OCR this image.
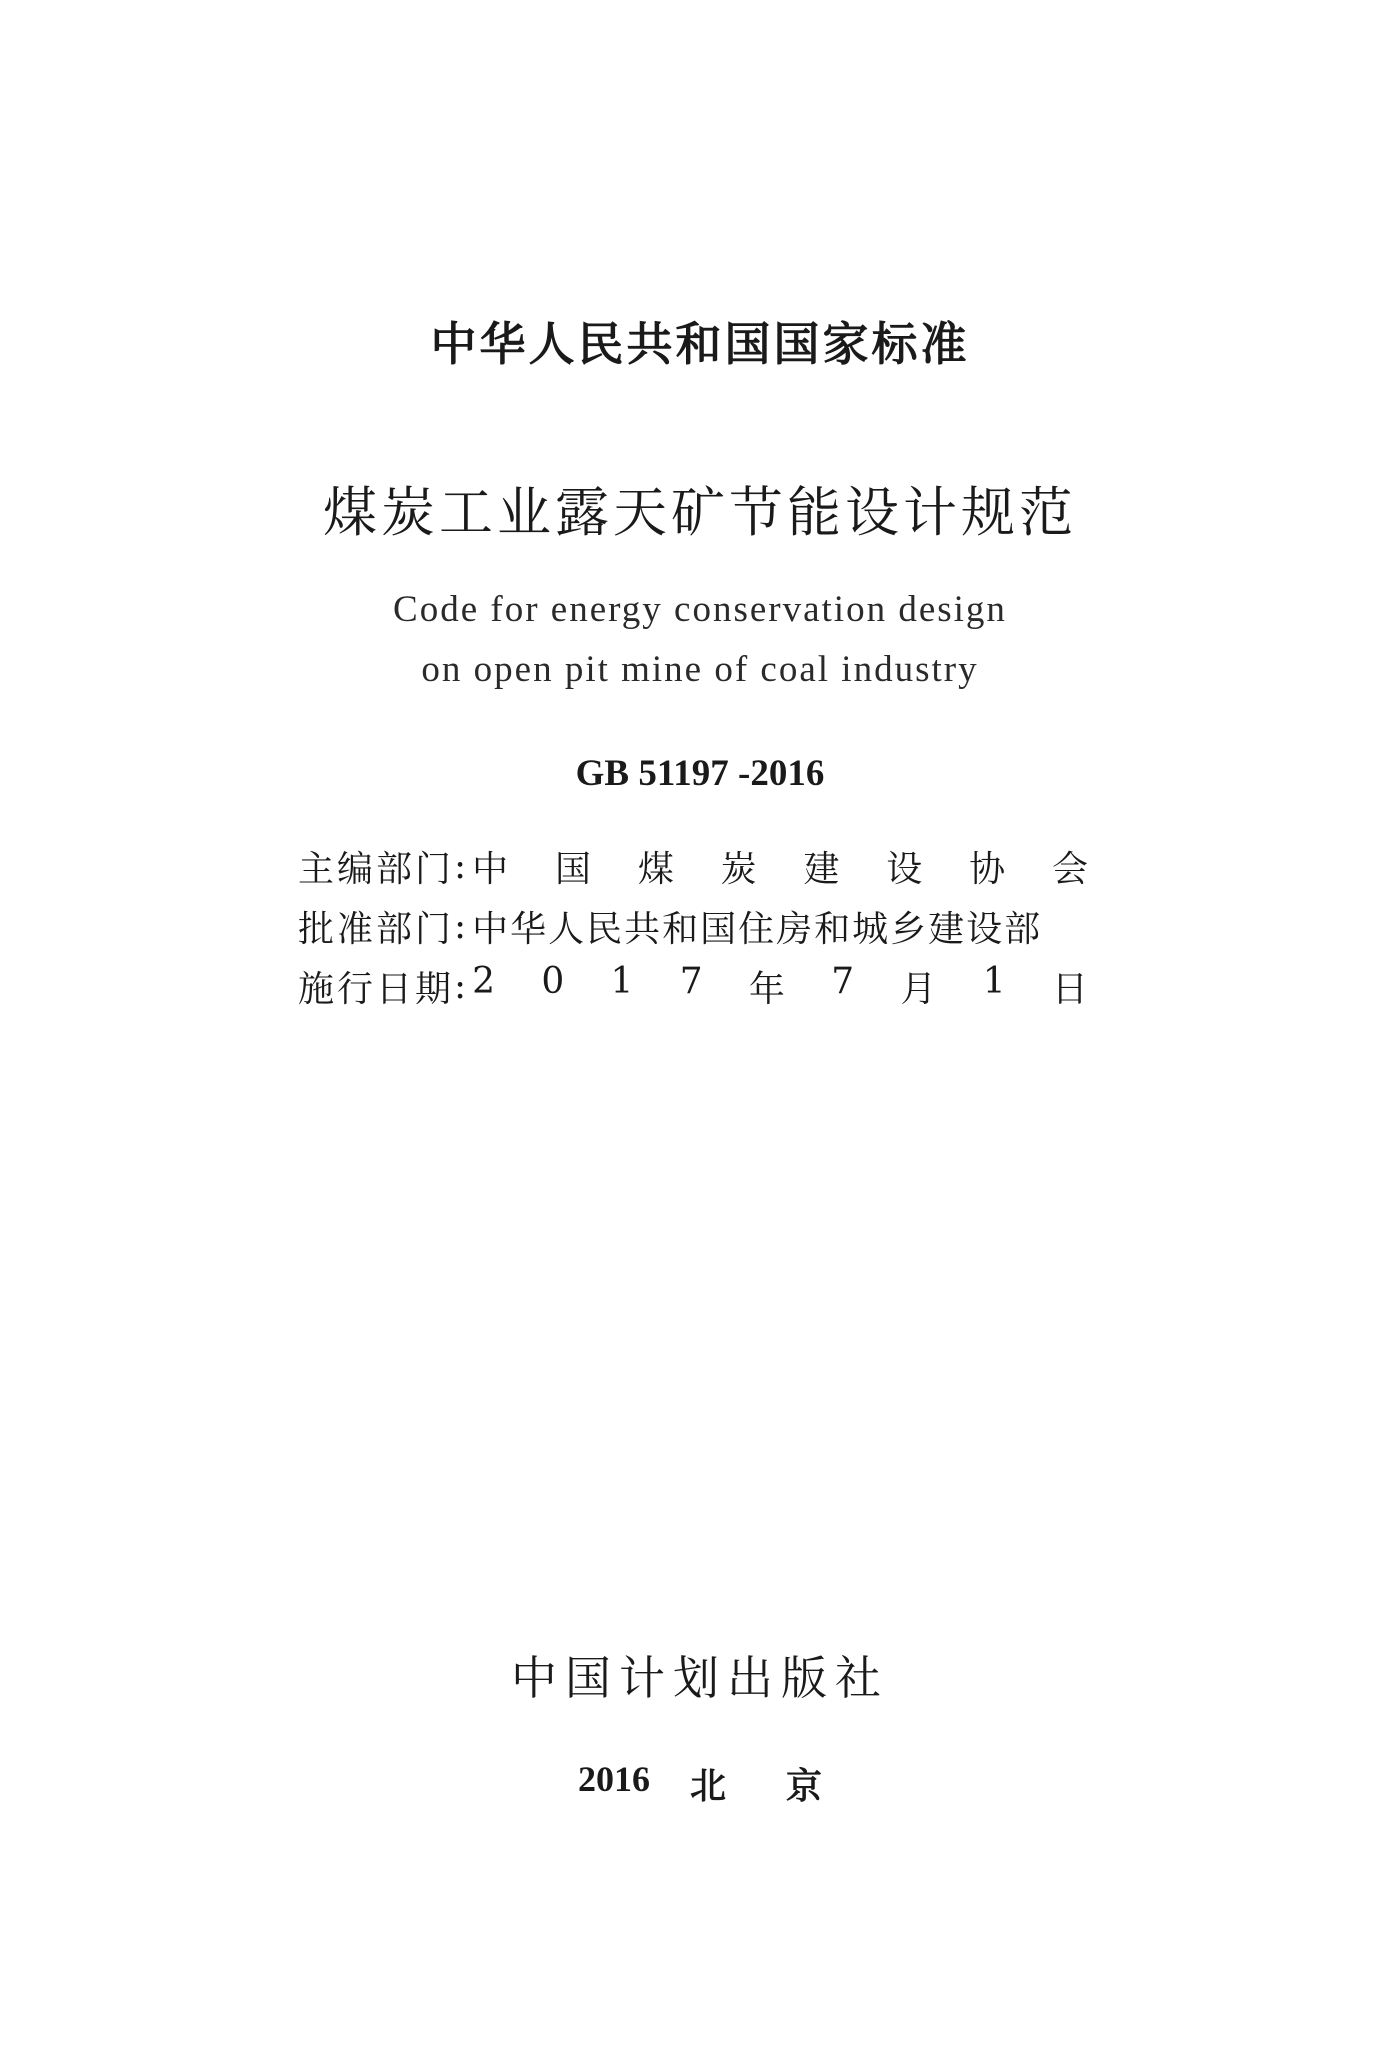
中华人民共和国国家标准
煤炭工业露天矿节能设计规范
Code for energy conservation design
on open pit mine of coal industry
GB 51197 -2016
主编部门 : 中 国 煤 炭 建 设 协 会
批准部门 : 中华人民共和国住房和城乡建设部
施行日期 : 2 0 1 7 年 7 月 1 日
中国计划出版社
2016 北京
